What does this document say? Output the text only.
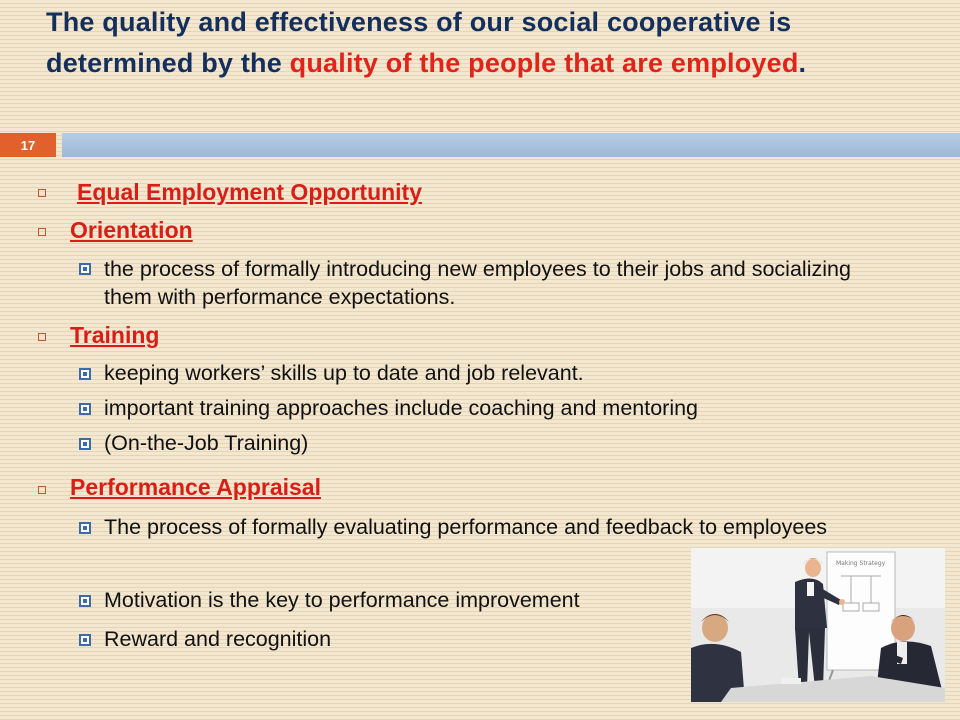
The quality and effectiveness of our social cooperative is determined by the quality of the people that are employed.
17
Equal Employment Opportunity
Orientation
the process of formally introducing new employees to their jobs and socializing them with performance expectations.
Training
keeping workers’ skills up to date and job relevant.
important training approaches include coaching and mentoring
(On-the-Job Training)
Performance Appraisal
The process of formally evaluating performance and feedback to employees
Motivation is the key to performance improvement
Reward and recognition
Making Strategy
